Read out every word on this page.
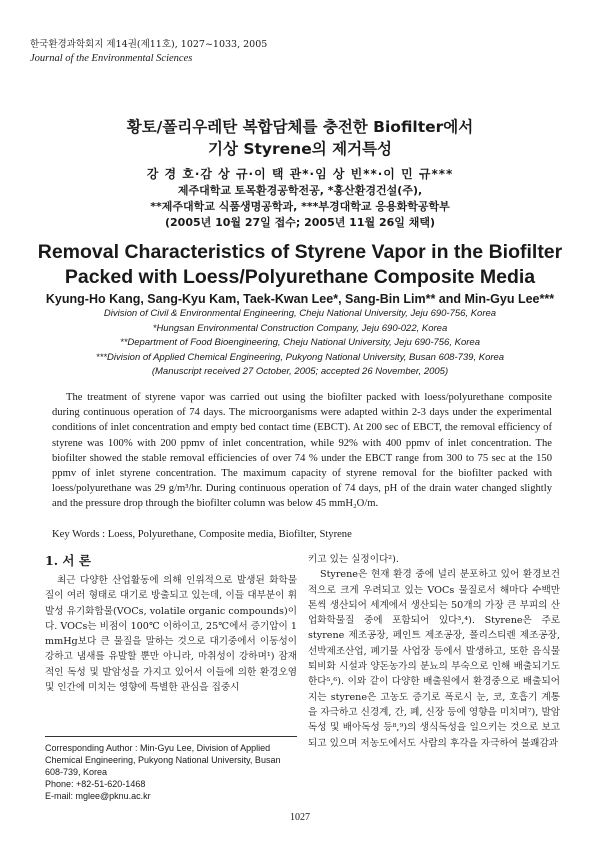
한국환경과학회지 제14권(제11호), 1027~1033, 2005
Journal of the Environmental Sciences
황토/폴리우레탄 복합담체를 충전한 Biofilter에서
기상 Styrene의 제거특성
강 경 호·감 상 규·이 택 관*·임 상 빈**·이 민 규***
제주대학교 토목환경공학전공, *홍산환경건설(주),
**제주대학교 식품생명공학과, ***부경대학교 응용화학공학부
(2005년 10월 27일 접수; 2005년 11월 26일 채택)
Removal Characteristics of Styrene Vapor in the Biofilter
Packed with Loess/Polyurethane Composite Media
Kyung-Ho Kang, Sang-Kyu Kam, Taek-Kwan Lee*, Sang-Bin Lim** and Min-Gyu Lee***
Division of Civil & Environmental Engineering, Cheju National University, Jeju 690-756, Korea
*Hungsan Environmental Construction Company, Jeju 690-022, Korea
**Department of Food Bioengineering, Cheju National University, Jeju 690-756, Korea
***Division of Applied Chemical Engineering, Pukyong National University, Busan 608-739, Korea
(Manuscript received 27 October, 2005; accepted 26 November, 2005)
The treatment of styrene vapor was carried out using the biofilter packed with loess/polyurethane composite during continuous operation of 74 days. The microorganisms were adapted within 2-3 days under the experimental conditions of inlet concentration and empty bed contact time (EBCT). At 200 sec of EBCT, the removal efficiency of styrene was 100% with 200 ppmv of inlet concentration, while 92% with 400 ppmv of inlet concentration. The biofilter showed the stable removal efficiencies of over 74 % under the EBCT range from 300 to 75 sec at the 150 ppmv of inlet styrene concentration. The maximum capacity of styrene removal for the biofilter packed with loess/polyurethane was 29 g/m³/hr. During continuous operation of 74 days, pH of the drain water changed slightly and the pressure drop through the biofilter column was below 45 mmH₂O/m.
Key Words : Loess, Polyurethane, Composite media, Biofilter, Styrene
1. 서 론

최근 다양한 산업활동에 의해 인위적으로 발생된 화학물질이 여러 형태로 대기로 방출되고 있는데, 이들 대부분이 휘발성 유기화합물(VOCs, volatile organic compounds)이다. VOCs는 비점이 100℃ 이하이고, 25℃에서 증기압이 1 mmHg보다 큰 물질을 말하는 것으로 대기중에서 이동성이 강하고 냄새를 유발할 뿐만 아니라, 마취성이 강하며¹) 잠재적인 독성 및 발암성을 가지고 있어서 이들에 의한 환경오염 및 인간에 미치는 영향에 특별한 관심을 집중시

키고 있는 실정이다²).

Styrene은 현재 환경 중에 널리 분포하고 있어 환경보건적으로 크게 우려되고 있는 VOCs 물질로서 해마다 수백만톤씩 생산되어 세계에서 생산되는 50개의 가장 큰 부피의 산업화학물질 중에 포함되어 있다³,⁴). Styrene은 주로 styrene 제조공장, 페인트 제조공장, 폴리스티렌 제조공장, 선박제조산업, 폐기물 사업장 등에서 발생하고, 또한 음식물 퇴비화 시설과 양돈농가의 분뇨의 부숙으로 인해 배출되기도 한다⁵,⁶). 이와 같이 다양한 배출원에서 환경중으로 배출되어지는 styrene은 고농도 증기로 폭로시 눈, 코, 호흡기 계통을 자극하고 신경계, 간, 폐, 신장 등에 영향을 미치며⁷), 발암독성 및 배아독성 등⁸,⁹)의 생식독성을 일으키는 것으로 보고되고 있으며 저농도에서도 사람의 후각을 자극하여 불쾌감과

Corresponding Author : Min-Gyu Lee, Division of Applied Chemical Engineering, Pukyong National University, Busan 608-739, Korea
Phone: +82-51-620-1468
E-mail: mglee@pknu.ac.kr
1027
